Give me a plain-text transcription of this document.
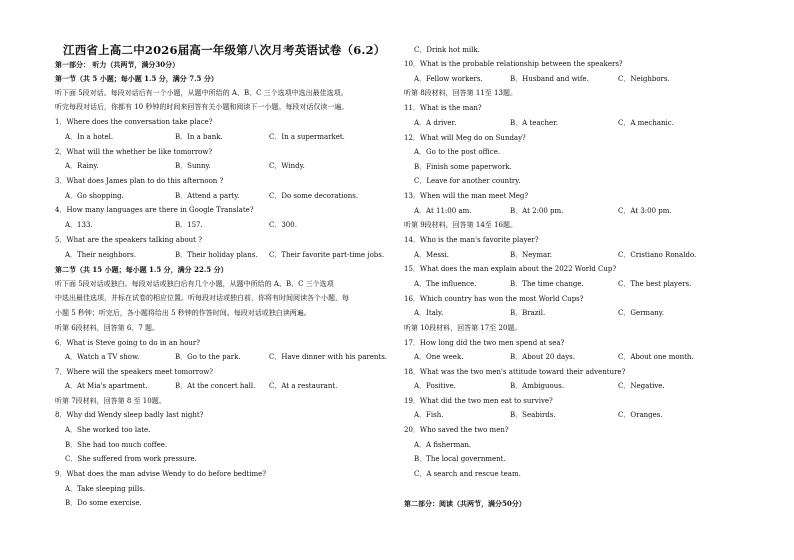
江西省上高二中2026届高一年级第八次月考英语试卷（6.2）
第一部分： 听力（共两节，满分30分）
第一节（共 5 小题；每小题 1.5 分，满分 7.5 分）
听下面 5段对话。每段对话后有一个小题，从题中所给的 A、B、C 三个选项中选出最佳选项。
听完每段对话后，你都有 10 秒钟的时间来回答有关小题和阅读下一小题。每段对话仅读一遍。
1．Where does the conversation take place?
A．In a hotel.	B．In a bank.	C．In a supermarket.
2．What will the whether be like tomorrow?
A．Rainy.	B．Sunny.	C．Windy.
3．What does James plan to do this afternoon ?
A．Go shopping.	B．Attend a party.	C．Do some decorations.
4．How many languages are there in Google Translate?
A．133.	B．157.	C．300.
5．What are the speakers talking about ?
A．Their neighbors.	B．Their holiday plans. C．Their favorite part-time jobs.
第二节（共 15 小题；每小题 1.5 分，满分 22.5 分）
听下面 5段对话或独白。每段对话或独白后有几个小题，从题中所给的 A、B、C 三个选项
中选出最佳选项，并标在试卷的相应位置。听每段对话或独白前，你将有时间阅读各个小题，每
小题 5 秒钟；听完后，各小题将给出 5 秒钟的作答时间。每段对话或独白读两遍。
听第 6段材料，回答第 6、7 题。
6．What is Steve going to do in an hour?
A．Watch a TV show.	B．Go to the park.	C．Have dinner with his parents.
7．Where will the speakers meet tomorrow?
A．At Mia's apartment.	B．At the concert hall. C．At a restaurant.
听第 7段材料，回答第 8 至 10题。
8．Why did Wendy sleep badly last night?
A．She worked too late.
B．She had too much coffee.
C．She suffered from work pressure.
9．What does the man advise Wendy to do before bedtime?
A．Take sleeping pills.
B．Do some exercise.
C．Drink hot milk.
10．What is the probable relationship between the speakers?
A．Fellow workers.	B．Husband and wife.	C．Neighbors.
听第 8段材料，回答第 11至 13题。
11．What is the man?
A．A driver.	B．A teacher.	C．A mechanic.
12．What will Meg do on Sunday?
A．Go to the post office.
B．Finish some paperwork.
C．Leave for another country.
13．When will the man meet Meg?
A．At 11:00 am.	B．At 2:00 pm.	C．At 3:00 pm.
听第 9段材料，回答第 14至 16题。
14．Who is the man's favorite player?
A．Messi.	B．Neymar.	C．Cristiano Ronaldo.
15．What does the man explain about the 2022 World Cup?
A．The influence.	B．The time change.	C．The best players.
16．Which country has won the most World Cups?
A．Italy.	B．Brazil.	C．Germany.
听第 10段材料，回答第 17至 20题。
17．How long did the two men spend at sea?
A．One week.	B．About 20 days.	C．About one month.
18．What was the two men's attitude toward their adventure?
A．Positive.	B．Ambiguous.	C．Negative.
19．What did the two men eat to survive?
A．Fish.	B．Seabirds.	C．Oranges.
20．Who saved the two men?
A．A fisherman.
B．The local government.
C．A search and rescue team.
第二部分：阅读（共两节，满分50分）
